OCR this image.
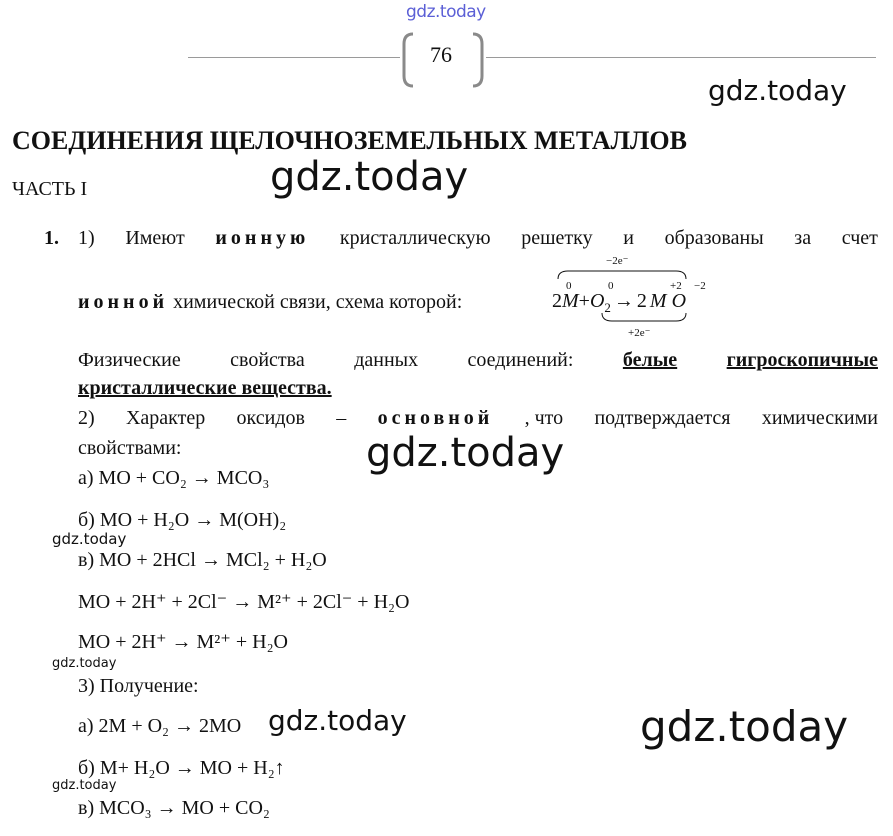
gdz.today
gdz.today
gdz.today
gdz.today
gdz.today
gdz.today
gdz.today	gdz.today
gdz.today
76
СОЕДИНЕНИЯ ЩЕЛОЧНОЗЕМЕЛЬНЫХ МЕТАЛЛОВ
ЧАСТЬ I
1. 1) Имеют ионную кристаллическую решетку и образованы за счет
ионной химической связи, схема которой:
−2e⁻
0	0	+2 −2
$2M+O_2 \to 2$ M O
+2e⁻
Физические свойства данных соединений: белые гигроскопичные
кристаллические вещества.
2) Характер оксидов – основной , что подтверждается химическими
свойствами:
а) MO + CO₂ → MCO₃
б) MO + H₂O → M(OH)₂
в) MO + 2HCl → MCl₂ + H₂O
MO + 2H⁺ + 2Cl⁻ → M²⁺ + 2Cl⁻ + H₂O
MO + 2H⁺ → M²⁺ + H₂O
3) Получение:
а) 2M + O₂ → 2MO
б) M+ H₂O → MO + H₂↑
в) MCO₃ → MO + CO₂
